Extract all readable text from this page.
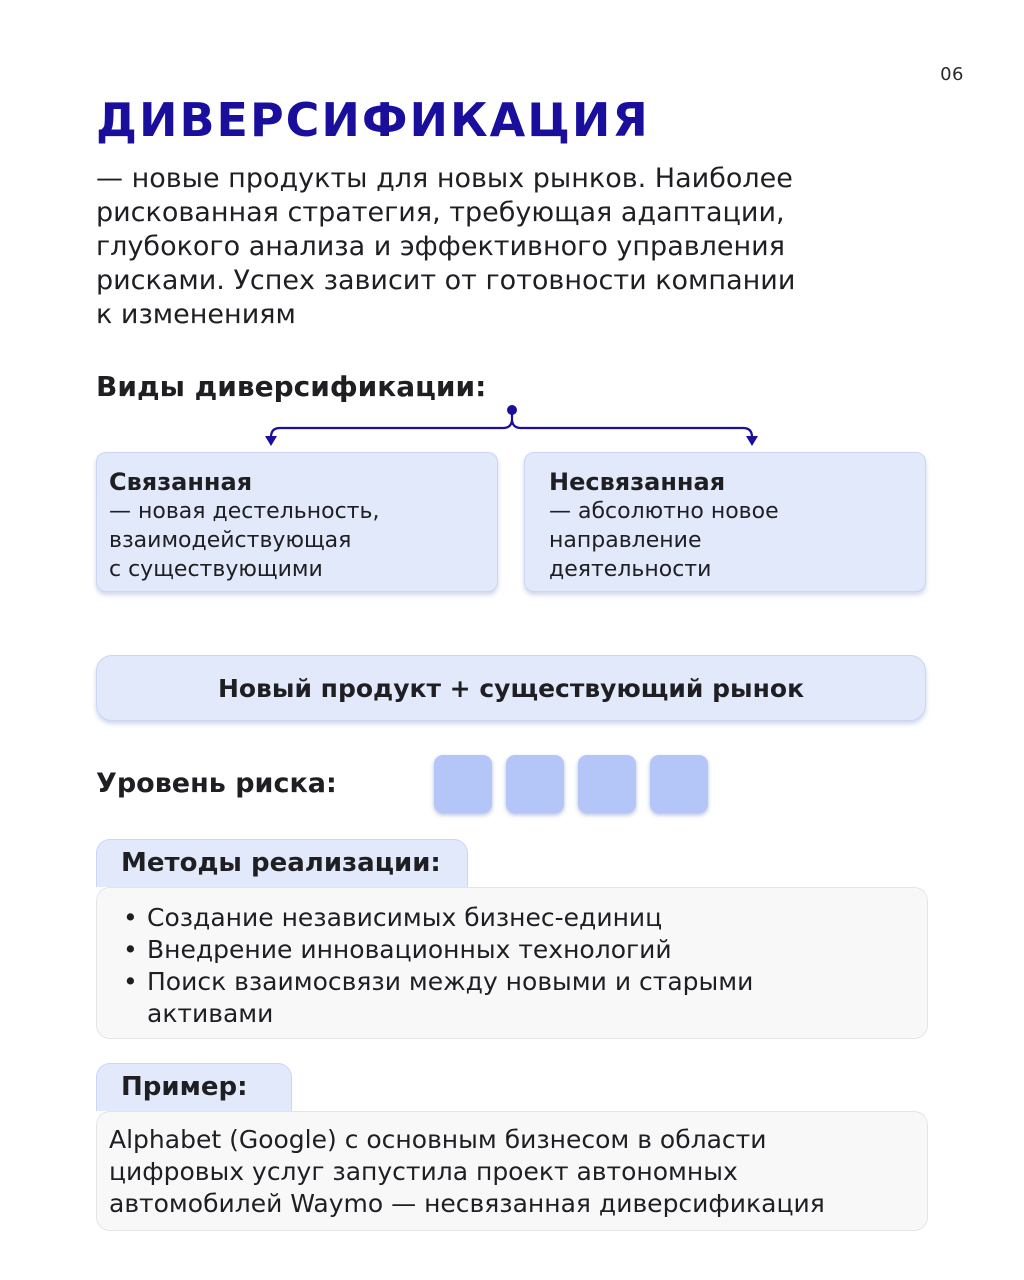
06
ДИВЕРСИФИКАЦИЯ

— новые продукты для новых рынков. Наиболее
рискованная стратегия, требующая адаптации,
глубокого анализа и эффективного управления
рисками. Успех зависит от готовности компании
к изменениям

Виды диверсификации:
Связанная
— новая дестельность,
взаимодействующая
с существующими
Несвязанная
— абсолютно новое
направление
деятельности
Новый продукт + существующий рынок
Уровень риска:
Методы реализации:
• Создание независимых бизнес-единиц
• Внедрение инновационных технологий
• Поиск взаимосвязи между новыми и старыми
активами
Пример:
Alphabet (Google) с основным бизнесом в области
цифровых услуг запустила проект автономных
автомобилей Waymo — несвязанная диверсификация
